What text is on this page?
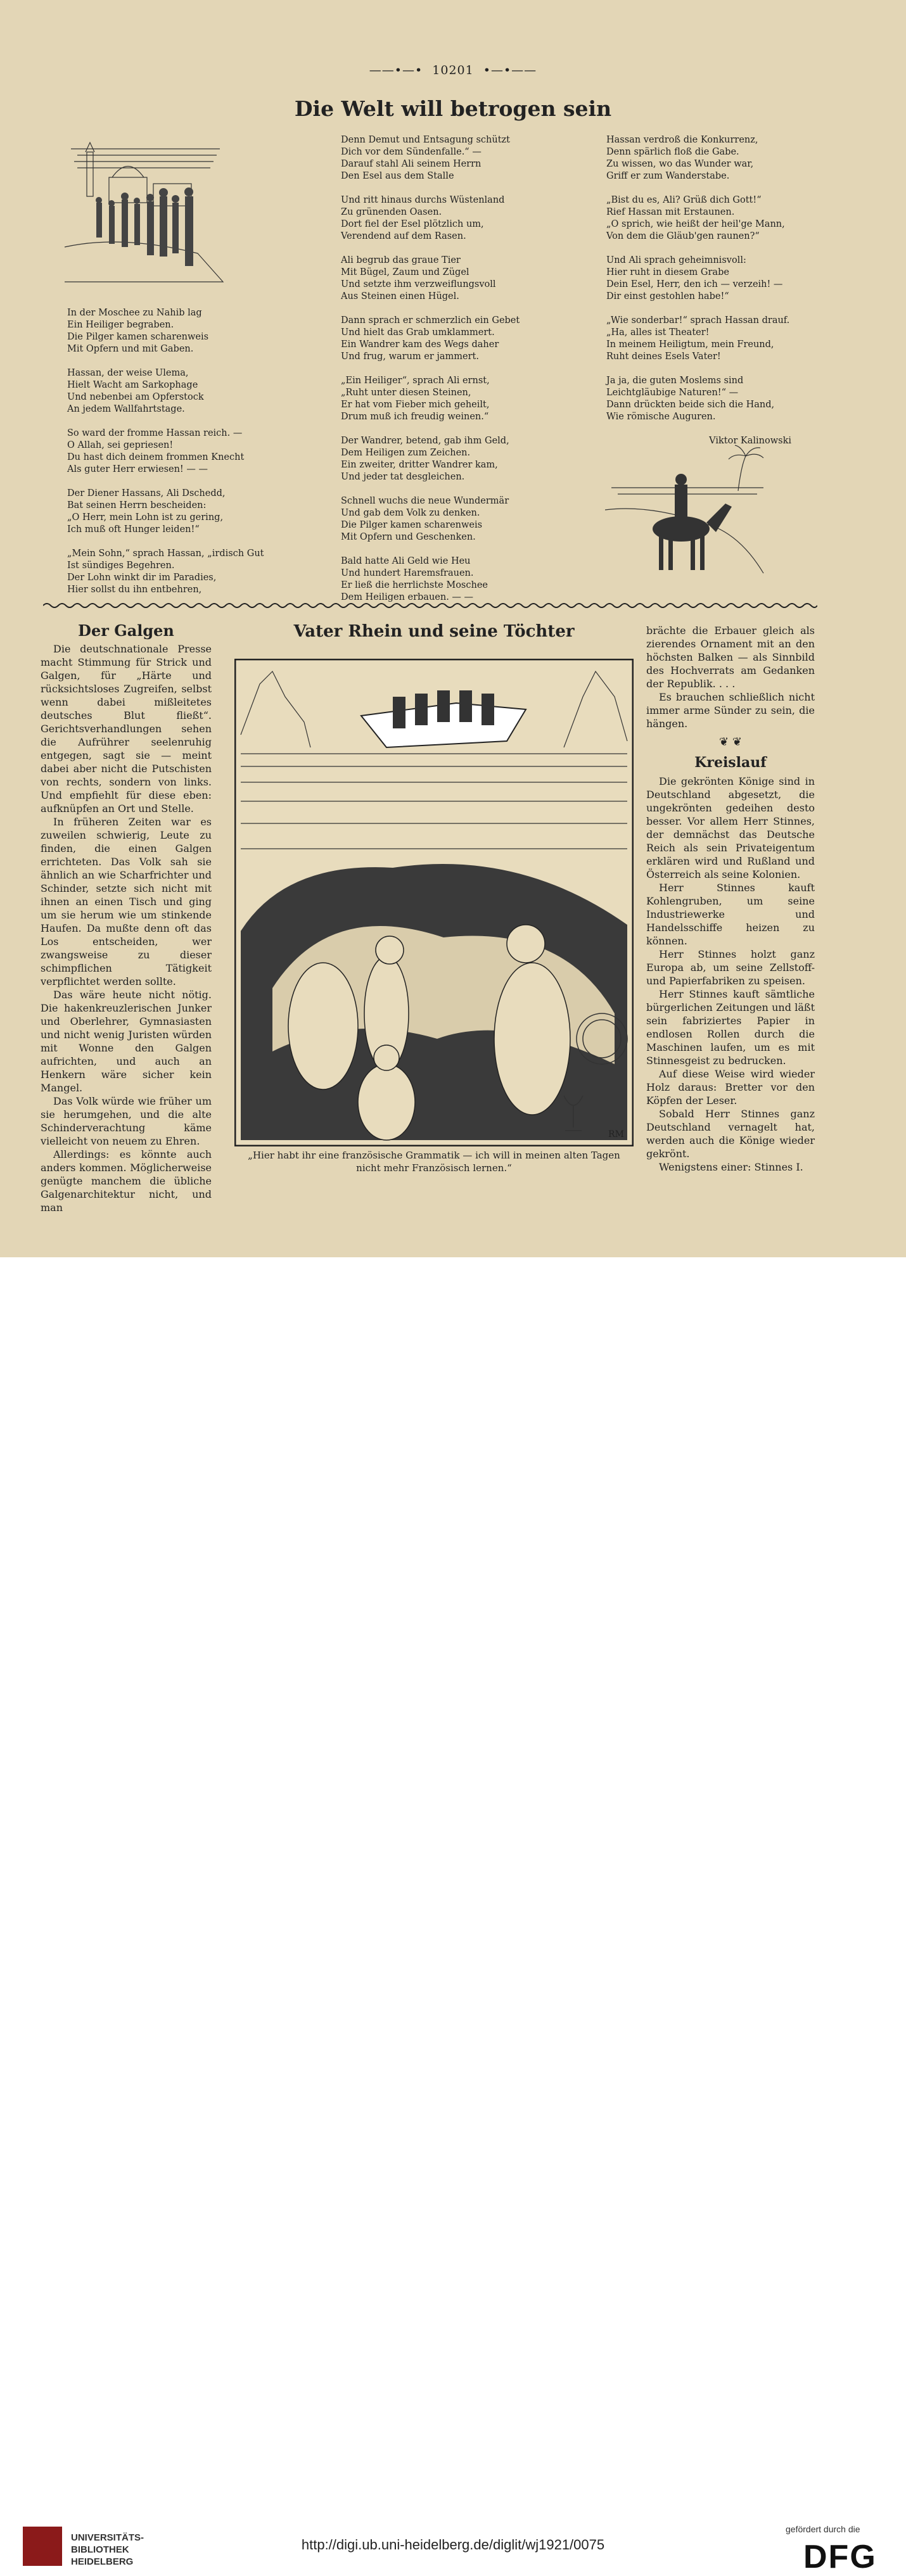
——•—• 10201 •—•——
Die Welt will betrogen sein
In der Moschee zu Nahib lag
Ein Heiliger begraben.
Die Pilger kamen scharenweis
Mit Opfern und mit Gaben.
Hassan, der weise Ulema,
Hielt Wacht am Sarkophage
Und nebenbei am Opferstock
An jedem Wallfahrtstage.
So ward der fromme Hassan reich. —
O Allah, sei gepriesen!
Du hast dich deinem frommen Knecht
Als guter Herr erwiesen! — —
Der Diener Hassans, Ali Dschedd,
Bat seinen Herrn bescheiden:
„O Herr, mein Lohn ist zu gering,
Ich muß oft Hunger leiden!“
„Mein Sohn,“ sprach Hassan, „irdisch Gut
Ist sündiges Begehren.
Der Lohn winkt dir im Paradies,
Hier sollst du ihn entbehren,
Denn Demut und Entsagung schützt
Dich vor dem Sündenfalle.“ —
Darauf stahl Ali seinem Herrn
Den Esel aus dem Stalle
Und ritt hinaus durchs Wüstenland
Zu grünenden Oasen.
Dort fiel der Esel plötzlich um,
Verendend auf dem Rasen.
Ali begrub das graue Tier
Mit Bügel, Zaum und Zügel
Und setzte ihm verzweiflungsvoll
Aus Steinen einen Hügel.
Dann sprach er schmerzlich ein Gebet
Und hielt das Grab umklammert.
Ein Wandrer kam des Wegs daher
Und frug, warum er jammert.
„Ein Heiliger“, sprach Ali ernst,
„Ruht unter diesen Steinen,
Er hat vom Fieber mich geheilt,
Drum muß ich freudig weinen.“
Der Wandrer, betend, gab ihm Geld,
Dem Heiligen zum Zeichen.
Ein zweiter, dritter Wandrer kam,
Und jeder tat desgleichen.
Schnell wuchs die neue Wundermär
Und gab dem Volk zu denken.
Die Pilger kamen scharenweis
Mit Opfern und Geschenken.
Bald hatte Ali Geld wie Heu
Und hundert Haremsfrauen.
Er ließ die herrlichste Moschee
Dem Heiligen erbauen. — —
Hassan verdroß die Konkurrenz,
Denn spärlich floß die Gabe.
Zu wissen, wo das Wunder war,
Griff er zum Wanderstabe.
„Bist du es, Ali? Grüß dich Gott!“
Rief Hassan mit Erstaunen.
„O sprich, wie heißt der heil'ge Mann,
Von dem die Gläub'gen raunen?“
Und Ali sprach geheimnisvoll:
Hier ruht in diesem Grabe
Dein Esel, Herr, den ich — verzeih! —
Dir einst gestohlen habe!“
„Wie sonderbar!“ sprach Hassan drauf.
„Ha, alles ist Theater!
In meinem Heiligtum, mein Freund,
Ruht deines Esels Vater!
Ja ja, die guten Moslems sind
Leichtgläubige Naturen!“ —
Dann drückten beide sich die Hand,
Wie römische Auguren.
Viktor Kalinowski
Der Galgen

Die deutschnationale Presse macht Stimmung für Strick und Galgen, für „Härte und rücksichtsloses Zugreifen, selbst wenn dabei mißleitetes deutsches Blut fließt“. Gerichtsverhandlungen sehen die Aufrührer seelenruhig entgegen, sagt sie — meint dabei aber nicht die Putschisten von rechts, sondern von links. Und empfiehlt für diese eben: aufknüpfen an Ort und Stelle.

In früheren Zeiten war es zuweilen schwierig, Leute zu finden, die einen Galgen errichteten. Das Volk sah sie ähnlich an wie Scharfrichter und Schinder, setzte sich nicht mit ihnen an einen Tisch und ging um sie herum wie um stinkende Haufen. Da mußte denn oft das Los entscheiden, wer zwangsweise zu dieser schimpflichen Tätigkeit verpflichtet werden sollte.

Das wäre heute nicht nötig. Die hakenkreuzlerischen Junker und Oberlehrer, Gymnasiasten und nicht wenig Juristen würden mit Wonne den Galgen aufrichten, und auch an Henkern wäre sicher kein Mangel.

Das Volk würde wie früher um sie herumgehen, und die alte Schinderverachtung käme vielleicht von neuem zu Ehren.

Allerdings: es könnte auch anders kommen. Möglicherweise genügte manchem die übliche Galgenarchitektur nicht, und man

Vater Rhein und seine Töchter
RM
„Hier habt ihr eine französische Grammatik — ich will in meinen alten Tagen
nicht mehr Französisch lernen.“

brächte die Erbauer gleich als zierendes Ornament mit an den höchsten Balken — als Sinnbild des Hochverrats am Gedanken der Republik. . . .

Es brauchen schließlich nicht immer arme Sünder zu sein, die hängen.

❦ ❦
Kreislauf

Die gekrönten Könige sind in Deutschland abgesetzt, die ungekrönten gedeihen desto besser. Vor allem Herr Stinnes, der demnächst das Deutsche Reich als sein Privateigentum erklären wird und Rußland und Österreich als seine Kolonien.

Herr Stinnes kauft Kohlengruben, um seine Industriewerke und Handelsschiffe heizen zu können.

Herr Stinnes holzt ganz Europa ab, um seine Zellstoff- und Papierfabriken zu speisen.

Herr Stinnes kauft sämtliche bürgerlichen Zeitungen und läßt sein fabriziertes Papier in endlosen Rollen durch die Maschinen laufen, um es mit Stinnesgeist zu bedrucken.

Auf diese Weise wird wieder Holz daraus: Bretter vor den Köpfen der Leser.

Sobald Herr Stinnes ganz Deutschland vernagelt hat, werden auch die Könige wieder gekrönt.

Wenigstens einer: Stinnes I.

UNIVERSITÄTS-
BIBLIOTHEK
HEIDELBERG
http://digi.ub.uni-heidelberg.de/diglit/wj1921/0075
gefördert durch die
DFG
